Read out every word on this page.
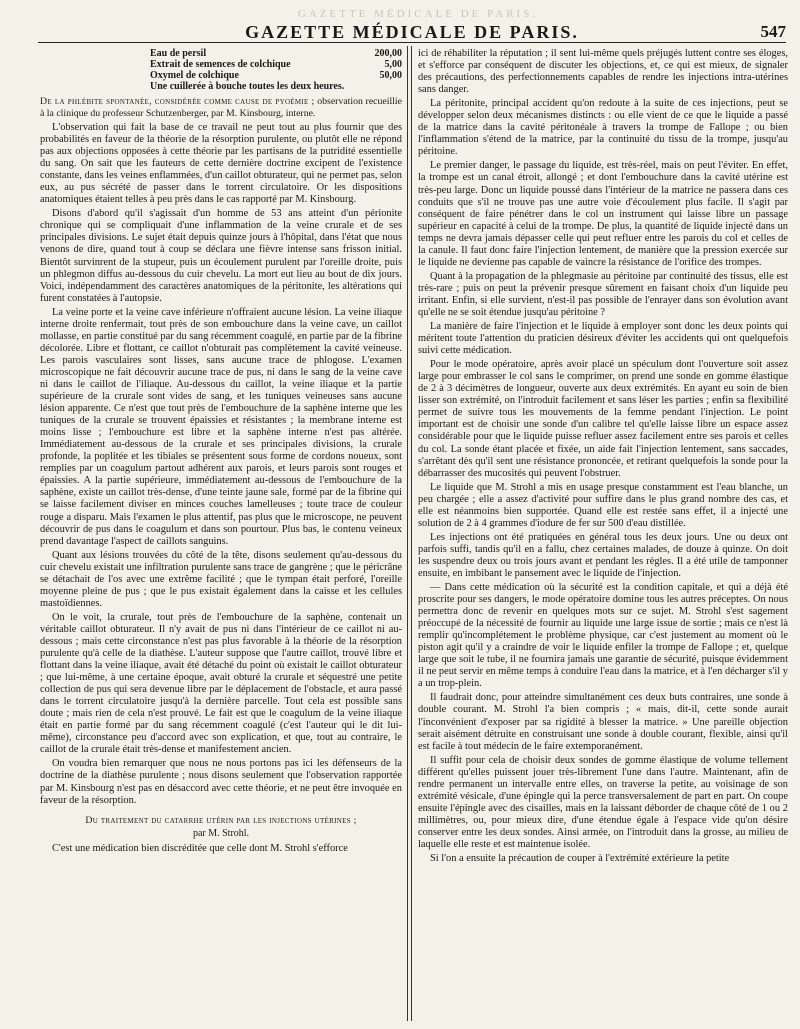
GAZETTE MÉDICALE DE PARIS.
GAZETTE MÉDICALE DE PARIS.	547
Eau de persil	200,00
Extrait de semences de colchique	5,00
Oxymel de colchique	50,00
Une cuillerée à bouche toutes les deux heures.
De la phlébite spontanée, considérée comme cause de pyoémie ; observation recueillie à la clinique du professeur Schutzenberger, par M. Kinsbourg, interne.

L'observation qui fait la base de ce travail ne peut tout au plus fournir que des probabilités en faveur de la théorie de la résorption purulente, ou plutôt elle ne répond pas aux objections opposées à cette théorie par les partisans de la putridité essentielle du sang. On sait que les fauteurs de cette dernière doctrine excipent de l'existence constante, dans les veines enflammées, d'un caillot obturateur, qui ne permet pas, selon eux, au pus sécrété de passer dans le torrent circulatoire. Or les dispositions anatomiques étaient telles à peu près dans le cas rapporté par M. Kinsbourg.

Disons d'abord qu'il s'agissait d'un homme de 53 ans atteint d'un périonite chronique qui se compliquait d'une inflammation de la veine crurale et de ses principales divisions. Le sujet était depuis quinze jours à l'hôpital, dans l'état que nous venons de dire, quand tout à coup se déclara une fièvre intense sans frisson initial. Bientôt survinrent de la stupeur, puis un écoulement purulent par l'oreille droite, puis un phlegmon diffus au-dessous du cuir chevelu. La mort eut lieu au bout de dix jours. Voici, indépendamment des caractères anatomiques de la péritonite, les altérations qui furent constatées à l'autopsie.

La veine porte et la veine cave inférieure n'offraient aucune lésion. La veine iliaque interne droite renfermait, tout près de son embouchure dans la veine cave, un caillot mollasse, en partie constitué par du sang récemment coagulé, en partie par de la fibrine décolorée. Libre et flottant, ce caillot n'obturait pas complètement la cavité veineuse. Les parois vasculaires sont lisses, sans aucune trace de phlogose. L'examen microscopique ne fait découvrir aucune trace de pus, ni dans le sang de la veine cave ni dans le caillot de l'iliaque. Au-dessous du caillot, la veine iliaque et la partie supérieure de la crurale sont vides de sang, et les tuniques veineuses sans aucune lésion apparente. Ce n'est que tout près de l'embouchure de la saphène interne que les tuniques de la crurale se trouvent épaissies et résistantes ; la membrane interne est moins lisse ; l'embouchure est libre et la saphène interne n'est pas altérée. Immédiatement au-dessous de la crurale et ses principales divisions, la crurale profonde, la poplitée et les tibiales se présentent sous forme de cordons noueux, sont remplies par un coagulum partout adhérent aux parois, et leurs parois sont rouges et épaissies. A la partie supérieure, immédiatement au-dessous de l'embouchure de la saphène, existe un caillot très-dense, d'une teinte jaune sale, formé par de la fibrine qui se laisse facilement diviser en minces couches lamelleuses ; toute trace de couleur rouge a disparu. Mais l'examen le plus attentif, pas plus que le microscope, ne peuvent découvrir de pus dans le coagulum et dans son pourtour. Plus bas, le contenu veineux prend davantage l'aspect de caillots sanguins.

Quant aux lésions trouvées du côté de la tête, disons seulement qu'au-dessous du cuir chevelu existait une infiltration purulente sans trace de gangrène ; que le péricrâne se détachait de l'os avec une extrême facilité ; que le tympan était perforé, l'oreille moyenne pleine de pus ; que le pus existait également dans la caisse et les cellules mastoïdiennes.

On le voit, la crurale, tout près de l'embouchure de la saphène, contenait un véritable caillot obturateur. Il n'y avait de pus ni dans l'intérieur de ce caillot ni au-dessous ; mais cette circonstance n'est pas plus favorable à la théorie de la résorption purulente qu'à celle de la diathèse. L'auteur suppose que l'autre caillot, trouvé libre et flottant dans la veine iliaque, avait été détaché du point où existait le caillot obturateur ; que lui-même, à une certaine époque, avait obturé la crurale et séquestré une petite collection de pus qui sera devenue libre par le déplacement de l'obstacle, et aura passé dans le torrent circulatoire jusqu'à la dernière parcelle. Tout cela est possible sans doute ; mais rien de cela n'est prouvé. Le fait est que le coagulum de la veine iliaque était en partie formé par du sang récemment coagulé (c'est l'auteur qui le dit lui-même), circonstance peu d'accord avec son explication, et que, tout au contraire, le caillot de la crurale était très-dense et manifestement ancien.

On voudra bien remarquer que nous ne nous portons pas ici les défenseurs de la doctrine de la diathèse purulente ; nous disons seulement que l'observation rapportée par M. Kinsbourg n'est pas en désaccord avec cette théorie, et ne peut être invoquée en faveur de la résorption.

Du traitement du catarrhe utérin par les injections utérines ;
par M. Strohl.

C'est une médication bien discréditée que celle dont M. Strohl s'efforce

ici de réhabiliter la réputation ; il sent lui-même quels préjugés luttent contre ses éloges, et s'efforce par conséquent de discuter les objections, et, ce qui est mieux, de signaler des précautions, des perfectionnements capables de rendre les injections intra-utérines sans danger.

La péritonite, principal accident qu'on redoute à la suite de ces injections, peut se développer selon deux mécanismes distincts : ou elle vient de ce que le liquide a passé de la matrice dans la cavité péritonéale à travers la trompe de Fallope ; ou bien l'inflammation s'étend de la matrice, par la continuité du tissu de la trompe, jusqu'au péritoine.

Le premier danger, le passage du liquide, est très-réel, mais on peut l'éviter. En effet, la trompe est un canal étroit, allongé ; et dont l'embouchure dans la cavité utérine est très-peu large. Donc un liquide poussé dans l'intérieur de la matrice ne passera dans ces conduits que s'il ne trouve pas une autre voie d'écoulement plus facile. Il s'agit par conséquent de faire pénétrer dans le col un instrument qui laisse libre un passage supérieur en capacité à celui de la trompe. De plus, la quantité de liquide injecté dans un temps ne devra jamais dépasser celle qui peut refluer entre les parois du col et celles de la canule. Il faut donc faire l'injection lentement, de manière que la pression exercée sur le liquide ne devienne pas capable de vaincre la résistance de l'orifice des trompes.

Quant à la propagation de la phlegmasie au péritoine par continuité des tissus, elle est très-rare ; puis on peut la prévenir presque sûrement en faisant choix d'un liquide peu irritant. Enfin, si elle survient, n'est-il pas possible de l'enrayer dans son évolution avant qu'elle ne se soit étendue jusqu'au péritoine ?

La manière de faire l'injection et le liquide à employer sont donc les deux points qui méritent toute l'attention du praticien désireux d'éviter les accidents qui ont quelquefois suivi cette médication.

Pour le mode opératoire, après avoir placé un spéculum dont l'ouverture soit assez large pour embrasser le col sans le comprimer, on prend une sonde en gomme élastique de 2 à 3 décimètres de longueur, ouverte aux deux extrémités. En ayant eu soin de bien lisser son extrémité, on l'introduit facilement et sans léser les parties ; enfin sa flexibilité permet de suivre tous les mouvements de la femme pendant l'injection. Le point important est de choisir une sonde d'un calibre tel qu'elle laisse libre un espace assez considérable pour que le liquide puisse refluer assez facilement entre ses parois et celles du col. La sonde étant placée et fixée, un aide fait l'injection lentement, sans saccades, s'arrêtant dès qu'il sent une résistance prononcée, et retirant quelquefois la sonde pour la débarrasser des mucosités qui peuvent l'obstruer.

Le liquide que M. Strohl a mis en usage presque constamment est l'eau blanche, un peu chargée ; elle a assez d'activité pour suffire dans le plus grand nombre des cas, et elle est néanmoins bien supportée. Quand elle est restée sans effet, il a injecté une solution de 2 à 4 grammes d'iodure de fer sur 500 d'eau distillée.

Les injections ont été pratiquées en général tous les deux jours. Une ou deux ont parfois suffi, tandis qu'il en a fallu, chez certaines malades, de douze à quinze. On doit les suspendre deux ou trois jours avant et pendant les règles. Il a été utile de tamponner ensuite, en imbibant le pansement avec le liquide de l'injection.

— Dans cette médication où la sécurité est la condition capitale, et qui a déjà été proscrite pour ses dangers, le mode opératoire domine tous les autres préceptes. On nous permettra donc de revenir en quelques mots sur ce sujet. M. Strohl s'est sagement préoccupé de la nécessité de fournir au liquide une large issue de sortie ; mais ce n'est là remplir qu'incomplétement le problème physique, car c'est justement au moment où le piston agit qu'il y a craindre de voir le liquide enfiler la trompe de Fallope ; et, quelque large que soit le tube, il ne fournira jamais une garantie de sécurité, puisque évidemment il ne peut servir en même temps à conduire l'eau dans la matrice, et à l'en décharger s'il y a un trop-plein.

Il faudrait donc, pour atteindre simultanément ces deux buts contraires, une sonde à double courant. M. Strohl l'a bien compris ; « mais, dit-il, cette sonde aurait l'inconvénient d'exposer par sa rigidité à blesser la matrice. » Une pareille objection serait aisément détruite en construisant une sonde à double courant, flexible, ainsi qu'il est facile à tout médecin de le faire extemporanément.

Il suffit pour cela de choisir deux sondes de gomme élastique de volume tellement différent qu'elles puissent jouer très-librement l'une dans l'autre. Maintenant, afin de rendre permanent un intervalle entre elles, on traverse la petite, au voisinage de son extrémité vésicale, d'une épingle qui la perce transversalement de part en part. On coupe ensuite l'épingle avec des cisailles, mais en la laissant déborder de chaque côté de 1 ou 2 millimètres, ou, pour mieux dire, d'une étendue égale à l'espace vide qu'on désire conserver entre les deux sondes. Ainsi armée, on l'introduit dans la grosse, au milieu de laquelle elle reste et est maintenue isolée.

Si l'on a ensuite la précaution de couper à l'extrémité extérieure la petite
